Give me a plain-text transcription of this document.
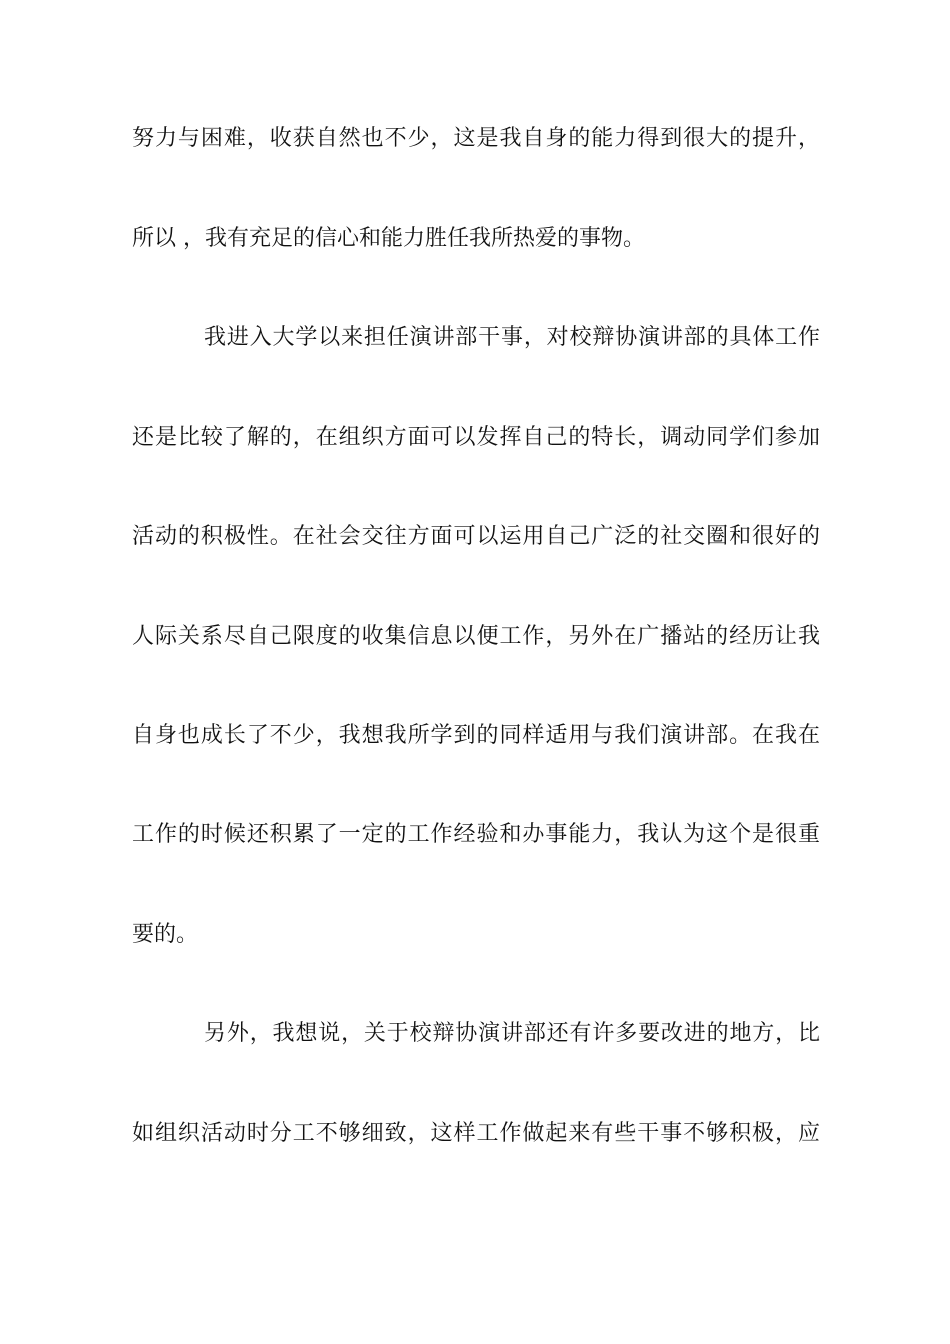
努力与困难，收获自然也不少，这是我自身的能力得到很大的提升，
所以 ，我有充足的信心和能力胜任我所热爱的事物。
我进入大学以来担任演讲部干事，对校辩协演讲部的具体工作
还是比较了解的，在组织方面可以发挥自己的特长，调动同学们参加
活动的积极性。在社会交往方面可以运用自己广泛的社交圈和很好的
人际关系尽自己限度的收集信息以便工作，另外在广播站的经历让我
自身也成长了不少，我想我所学到的同样适用与我们演讲部。在我在
工作的时候还积累了一定的工作经验和办事能力，我认为这个是很重
要的。
另外，我想说，关于校辩协演讲部还有许多要改进的地方，比
如组织活动时分工不够细致，这样工作做起来有些干事不够积极，应
